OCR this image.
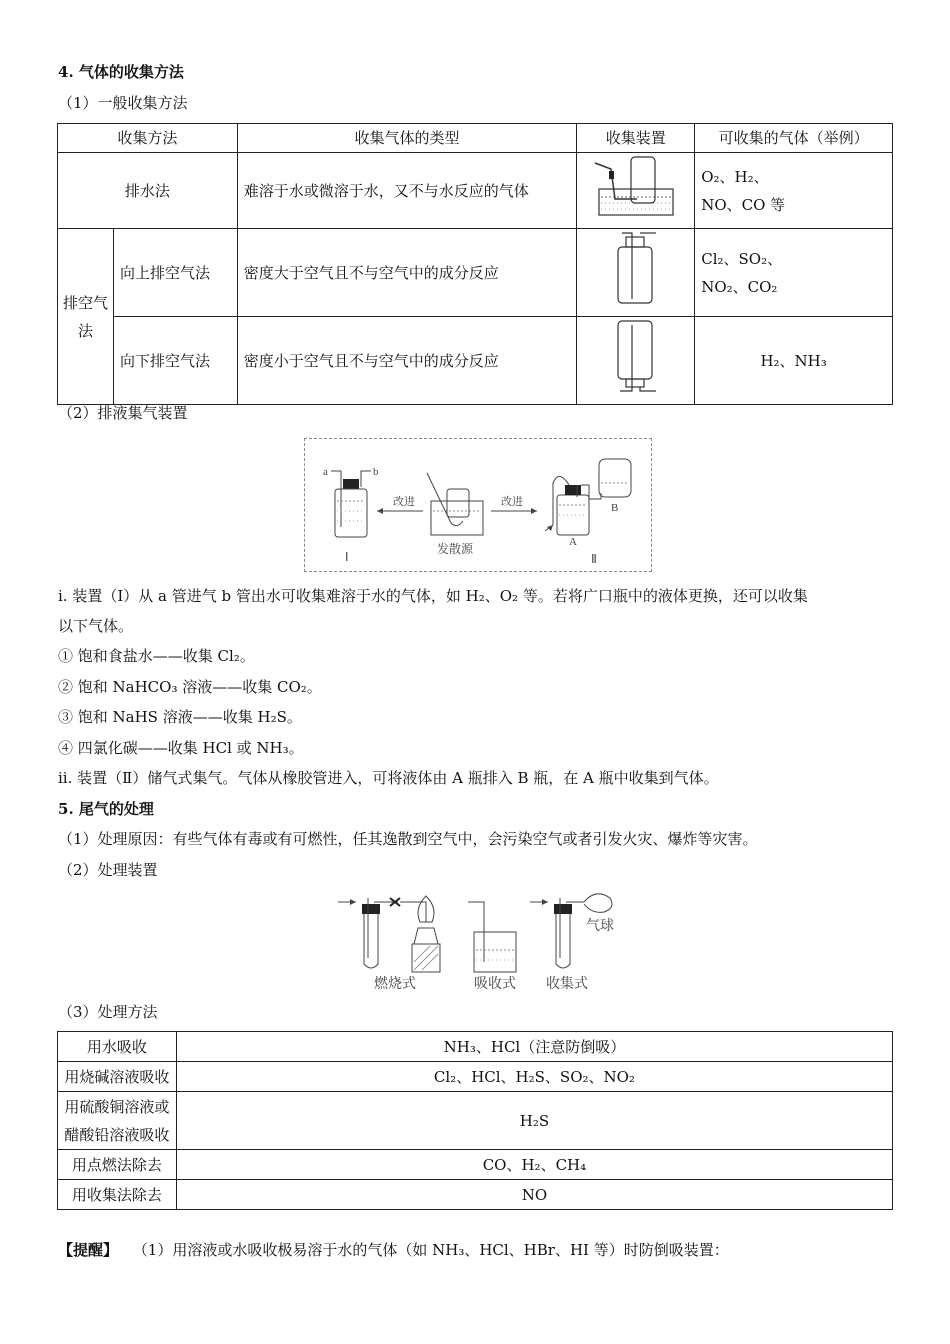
4. 气体的收集方法
（1）一般收集方法
收集方法		收集气体的类型	收集装置	可收集的气体（举例）
排水法		难溶于水或微溶于水，又不与水反应的气体		O₂、H₂、
NO、CO 等

排空气法	向上排空气法	密度大于空气且不与空气中的成分反应		Cl₂、SO₂、
NO₂、CO₂

	向下排空气法	密度小于空气且不与空气中的成分反应		H₂、NH₃
（2）排液集气装置
a	b
Ⅰ
改进
发散源
改进
A
B
Ⅱ
i. 装置（Ⅰ）从 a 管进气 b 管出水可收集难溶于水的气体，如 H₂、O₂ 等。若将广口瓶中的液体更换，还可以收集
以下气体。
① 饱和食盐水——收集 Cl₂。
② 饱和 NaHCO₃ 溶液——收集 CO₂。
③ 饱和 NaHS 溶液——收集 H₂S。
④ 四氯化碳——收集 HCl 或 NH₃。
ii. 装置（Ⅱ）储气式集气。气体从橡胶管进入，可将液体由 A 瓶排入 B 瓶，在 A 瓶中收集到气体。
5. 尾气的处理
（1）处理原因：有些气体有毒或有可燃性，任其逸散到空气中，会污染空气或者引发火灾、爆炸等灾害。
（2）处理装置
燃烧式	吸收式
气球
收集式
（3）处理方法
用水吸收	NH₃、HCl（注意防倒吸）
用烧碱溶液吸收	Cl₂、HCl、H₂S、SO₂、NO₂

用硫酸铜溶液或
醋酸铅溶液吸收	H₂S
用点燃法除去	CO、H₂、CH₄
用收集法除去	NO
【提醒】 （1）用溶液或水吸收极易溶于水的气体（如 NH₃、HCl、HBr、HI 等）时防倒吸装置：
